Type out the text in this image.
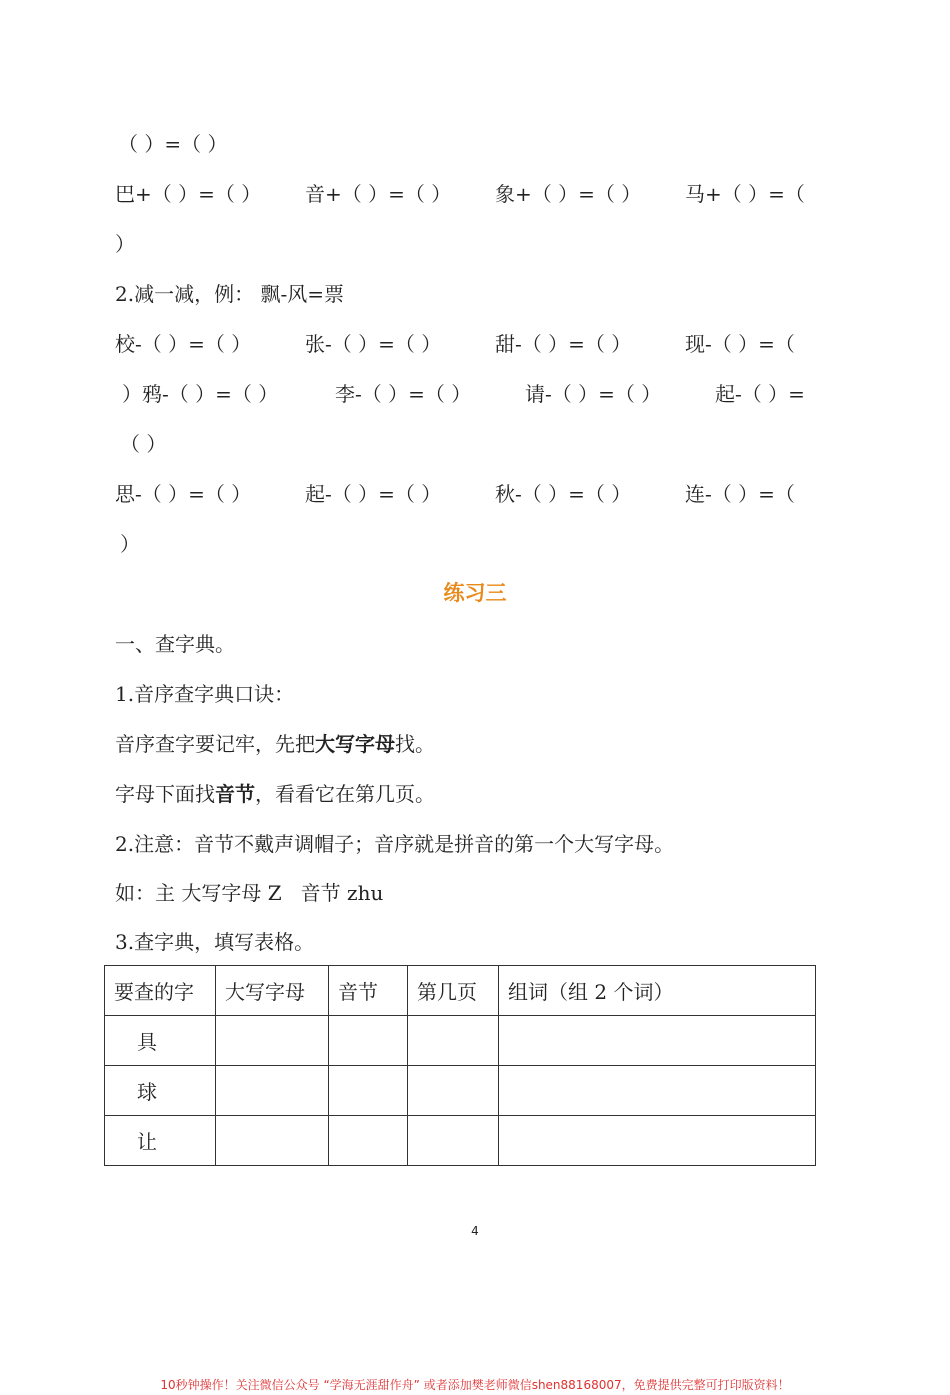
（ ）=（ ）
巴+（ ）=（ ）	音+（ ）=（ ）	象+（ ）=（ ）	马+（ ）=（
）
2.减一减，例： 飘-风=票
校-（ ）=（ ）	张-（ ）=（ ）	甜-（ ）=（ ）	现-（ ）=（
）鸦-（ ）=（ ）	李-（ ）=（ ）	请-（ ）=（ ）	起-（ ）=
（ ）
思-（ ）=（ ）	起-（ ）=（ ）	秋-（ ）=（ ）	连-（ ）=（
）
练习三
一、查字典。
1.音序查字典口诀：
音序查字要记牢，先把大写字母找。
字母下面找音节，看看它在第几页。
2.注意：音节不戴声调帽子；音序就是拼音的第一个大写字母。
如：主 大写字母 Z   音节 zhu
3.查字典，填写表格。
要查的字	大写字母	音节	第几页	组词（组 2 个词）
具				
球				
让				
4
10秒钟操作！关注微信公众号 “学海无涯甜作舟” 或者添加樊老师微信shen88168007，免费提供完整可打印版资料！
